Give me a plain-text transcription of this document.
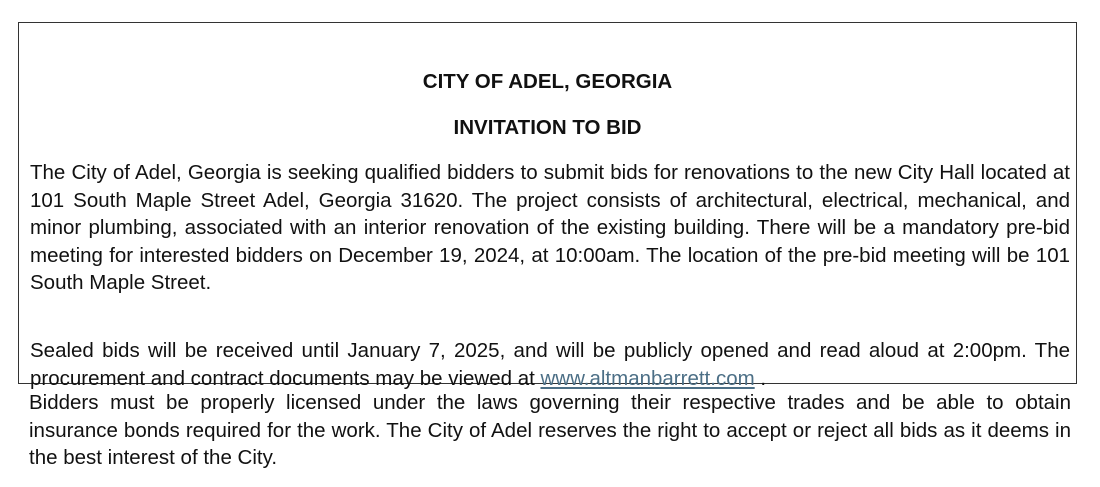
CITY OF ADEL, GEORGIA

INVITATION TO BID

The City of Adel, Georgia is seeking qualified bidders to submit bids for renovations to the new City Hall located at 101 South Maple Street Adel, Georgia 31620. The project consists of architectural, electrical, mechanical, and minor plumbing, associated with an interior renovation of the existing building. There will be a mandatory pre-bid meeting for interested bidders on December 19, 2024, at 10:00am. The location of the pre-bid meeting will be 101 South Maple Street.

Sealed bids will be received until January 7, 2025, and will be publicly opened and read aloud at 2:00pm. The procurement and contract documents may be viewed at www.altmanbarrett.com .

Bidders must be properly licensed under the laws governing their respective trades and be able to obtain insurance bonds required for the work. The City of Adel reserves the right to accept or reject all bids as it deems in the best interest of the City.
